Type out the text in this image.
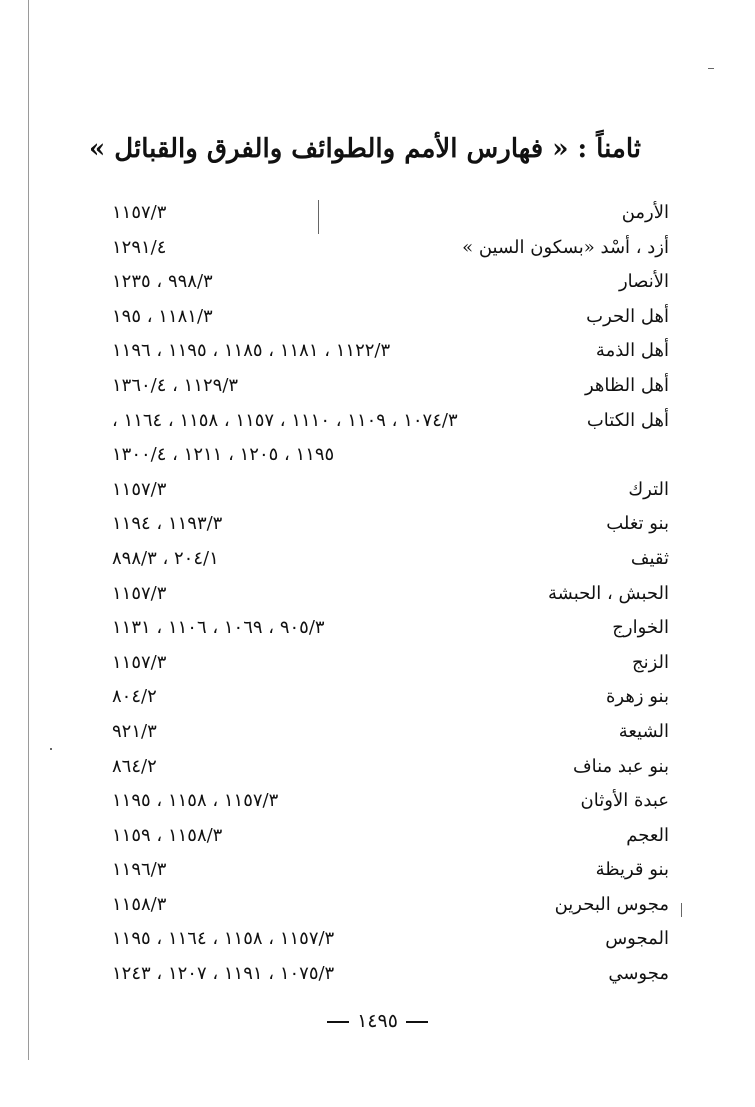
ثامناً : « فهارس الأمم والطوائف والفرق والقبائل »
الأرمن
١١٥٧/٣
أزد ، أسْد «بسكون السين »
١٢٩١/٤
الأنصار
٩٩٨/٣ ، ١٢٣٥
أهل الحرب
١١٨١/٣ ، ١٩٥
أهل الذمة
١١٢٢/٣ ، ١١٨١ ، ١١٨٥ ، ١١٩٥ ، ١١٩٦
أهل الظاهر
١١٢٩/٣ ، ١٣٦٠/٤
أهل الكتاب
١٠٧٤/٣ ، ١١٠٩ ، ١١١٠ ، ١١٥٧ ، ١١٥٨ ، ١١٦٤ ،
١١٩٥ ، ١٢٠٥ ، ١٢١١ ، ١٣٠٠/٤
الترك
١١٥٧/٣
بنو تغلب
١١٩٣/٣ ، ١١٩٤
ثقيف
٢٠٤/١ ، ٨٩٨/٣
الحبش ، الحبشة
١١٥٧/٣
الخوارج
٩٠٥/٣ ، ١٠٦٩ ، ١١٠٦ ، ١١٣١
الزنج
١١٥٧/٣
بنو زهرة
٨٠٤/٢
الشيعة
٩٢١/٣
بنو عبد مناف
٨٦٤/٢
عبدة الأوثان
١١٥٧/٣ ، ١١٥٨ ، ١١٩٥
العجم
١١٥٨/٣ ، ١١٥٩
بنو قريظة
١١٩٦/٣
مجوس البحرين
١١٥٨/٣
المجوس
١١٥٧/٣ ، ١١٥٨ ، ١١٦٤ ، ١١٩٥
مجوسي
١٠٧٥/٣ ، ١١٩١ ، ١٢٠٧ ، ١٢٤٣
١٤٩٥
